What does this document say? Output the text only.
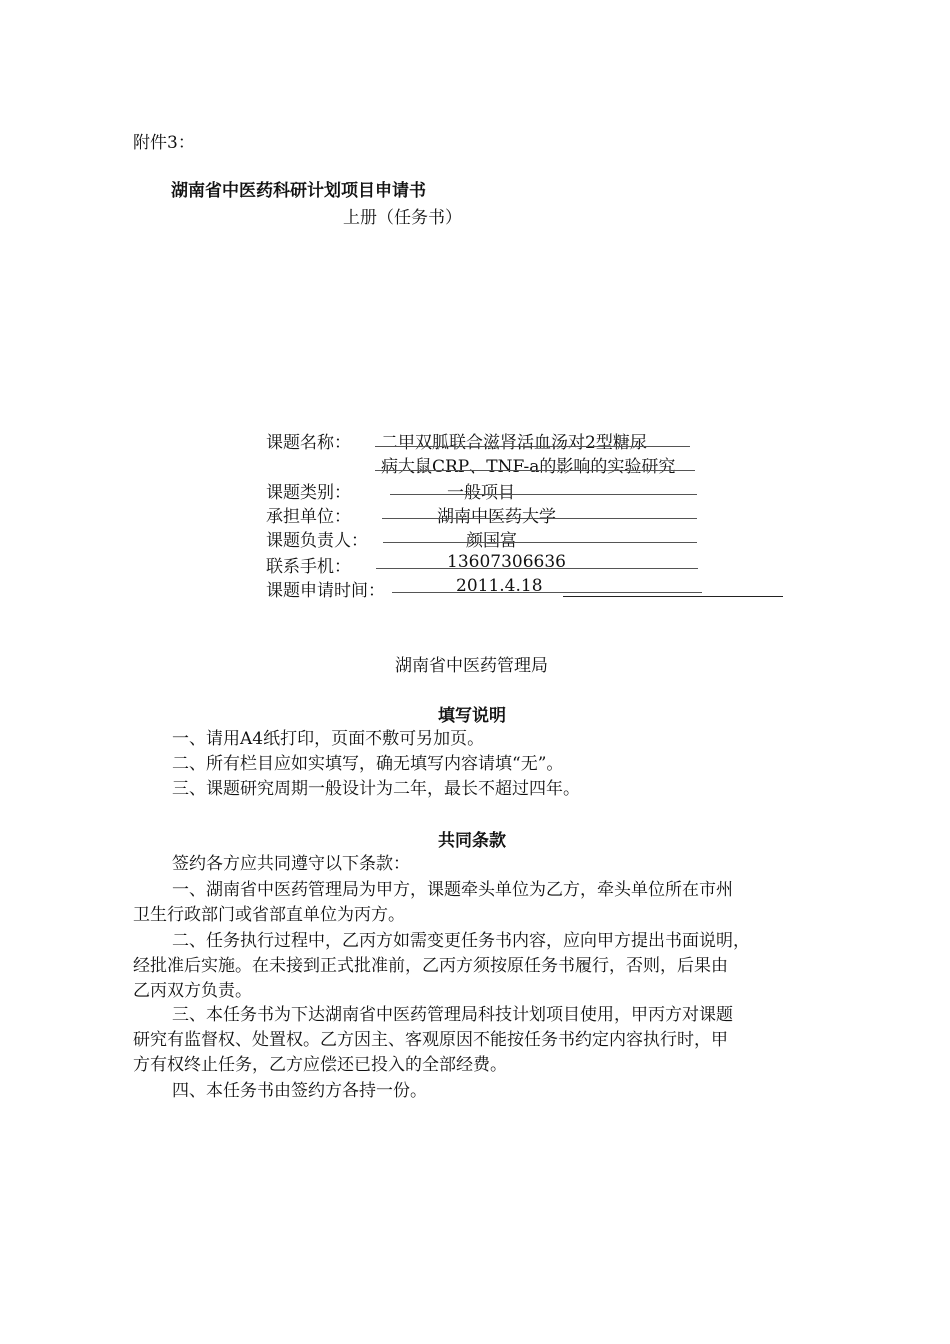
附件3：
湖南省中医药科研计划项目申请书
上册（任务书）
课题名称： 二甲双胍联合滋肾活血汤对2型糖尿
病大鼠CRP、TNF-a的影响的实验研究
课题类别：	一般项目
承担单位：	湖南中医药大学
课题负责人：	颜国富
联系手机：	13607306636
课题申请时间：	2011.4.18
湖南省中医药管理局
填写说明
一、请用A4纸打印，页面不敷可另加页。
二、所有栏目应如实填写，确无填写内容请填“无”。
三、课题研究周期一般设计为二年，最长不超过四年。
共同条款
签约各方应共同遵守以下条款：
一、湖南省中医药管理局为甲方，课题牵头单位为乙方，牵头单位所在市州
卫生行政部门或省部直单位为丙方。
二、任务执行过程中，乙丙方如需变更任务书内容，应向甲方提出书面说明，
经批准后实施。在未接到正式批准前，乙丙方须按原任务书履行，否则，后果由
乙丙双方负责。
三、本任务书为下达湖南省中医药管理局科技计划项目使用，甲丙方对课题
研究有监督权、处置权。乙方因主、客观原因不能按任务书约定内容执行时，甲
方有权终止任务，乙方应偿还已投入的全部经费。
四、本任务书由签约方各持一份。
